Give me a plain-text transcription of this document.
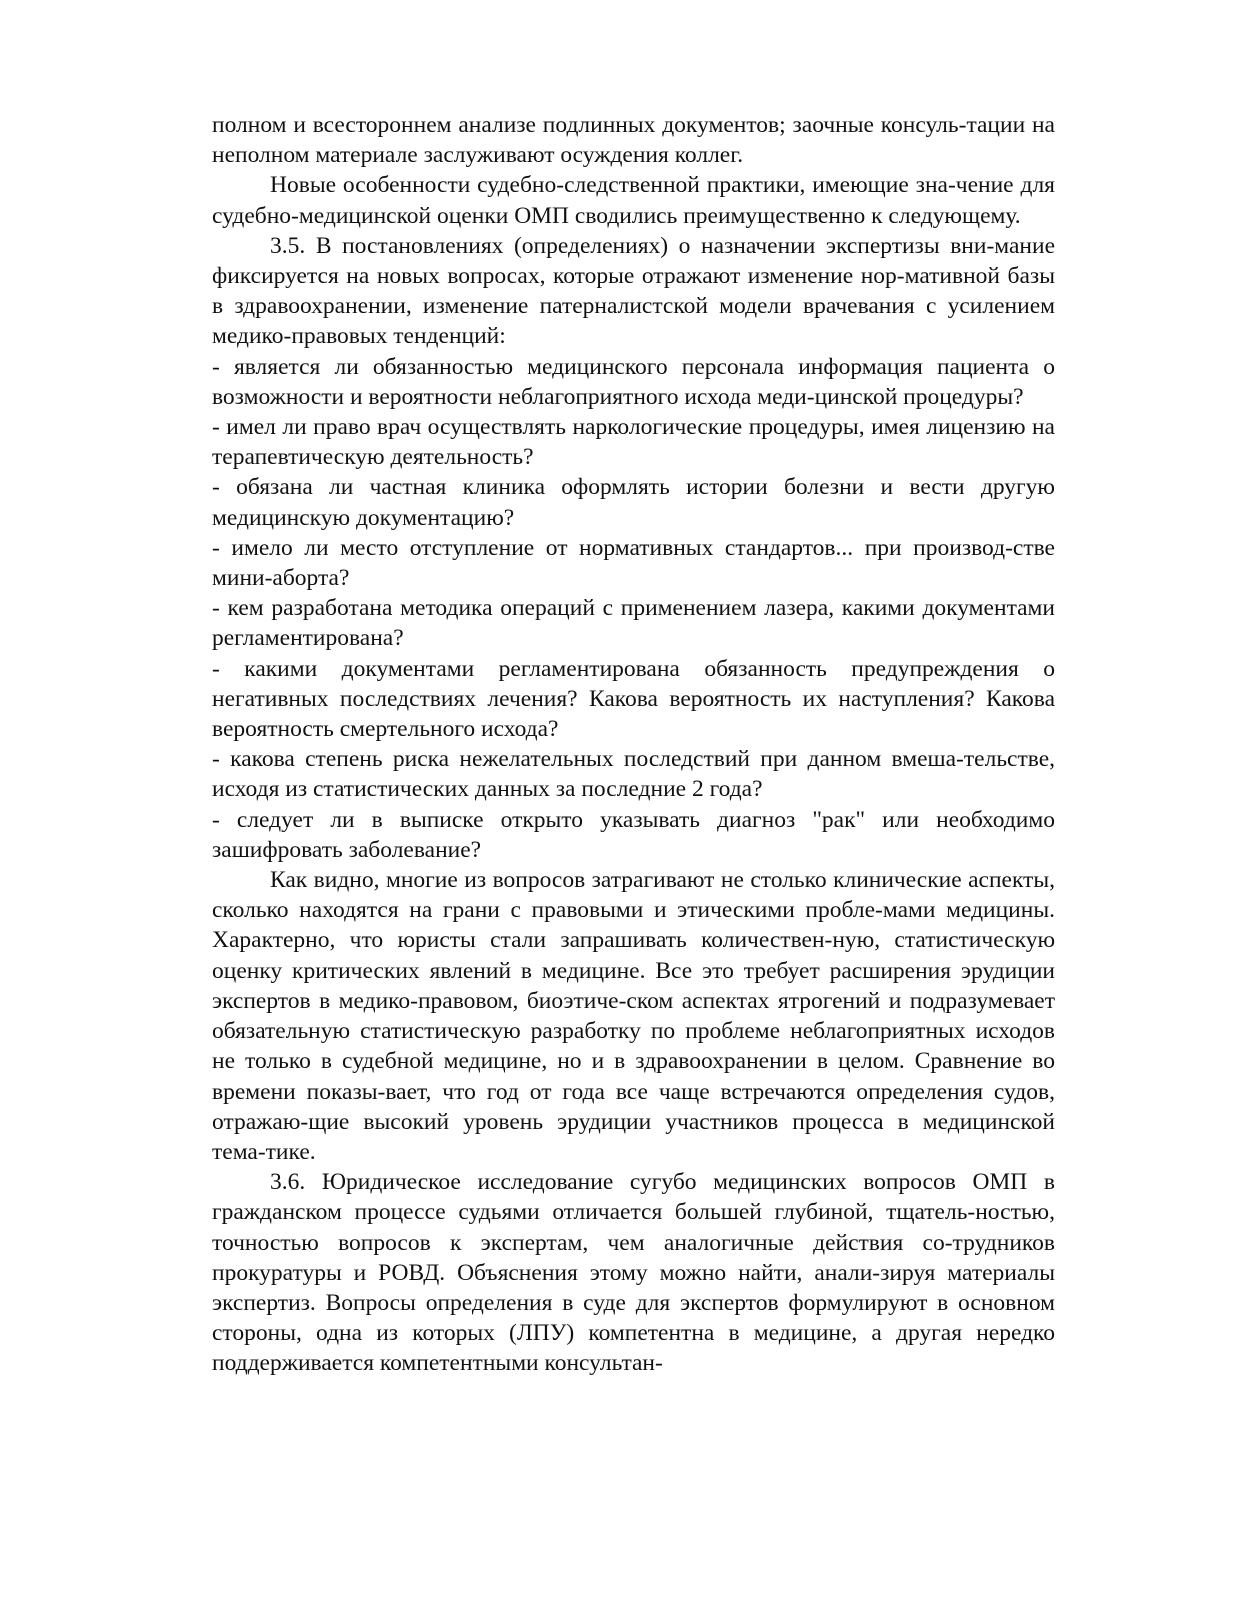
полном и всестороннем анализе подлинных документов; заочные консуль-тации на неполном материале заслуживают осуждения коллег.

Новые особенности судебно-следственной практики, имеющие зна-чение для судебно-медицинской оценки ОМП сводились преимущественно к следующему.

3.5. В постановлениях (определениях) о назначении экспертизы вни-мание фиксируется на новых вопросах, которые отражают изменение нор-мативной базы в здравоохранении, изменение патерналистской модели врачевания с усилением медико-правовых тенденций:

- является ли обязанностью медицинского персонала информация пациента о возможности и вероятности неблагоприятного исхода меди-цинской процедуры?

- имел ли право врач осуществлять наркологические процедуры, имея лицензию на терапевтическую деятельность?

- обязана ли частная клиника оформлять истории болезни и вести другую медицинскую документацию?

- имело ли место отступление от нормативных стандартов... при производ-стве мини-аборта?

- кем разработана методика операций с применением лазера, какими документами регламентирована?

- какими документами регламентирована обязанность предупреждения о негативных последствиях лечения? Какова вероятность их наступления? Какова вероятность смертельного исхода?

- какова степень риска нежелательных последствий при данном вмеша-тельстве, исходя из статистических данных за последние 2 года?

- следует ли в выписке открыто указывать диагноз "рак" или необходимо зашифровать заболевание?

Как видно, многие из вопросов затрагивают не столько клинические аспекты, сколько находятся на грани с правовыми и этическими пробле-мами медицины. Характерно, что юристы стали запрашивать количествен-ную, статистическую оценку критических явлений в медицине. Все это требует расширения эрудиции экспертов в медико-правовом, биоэтиче-ском аспектах ятрогений и подразумевает обязательную статистическую разработку по проблеме неблагоприятных исходов не только в судебной медицине, но и в здравоохранении в целом. Сравнение во времени показы-вает, что год от года все чаще встречаются определения судов, отражаю-щие высокий уровень эрудиции участников процесса в медицинской тема-тике.

3.6. Юридическое исследование сугубо медицинских вопросов ОМП в гражданском процессе судьями отличается большей глубиной, тщатель-ностью, точностью вопросов к экспертам, чем аналогичные действия со-трудников прокуратуры и РОВД. Объяснения этому можно найти, анали-зируя материалы экспертиз. Вопросы определения в суде для экспертов формулируют в основном стороны, одна из которых (ЛПУ) компетентна в медицине, а другая нередко поддерживается компетентными консультан-
